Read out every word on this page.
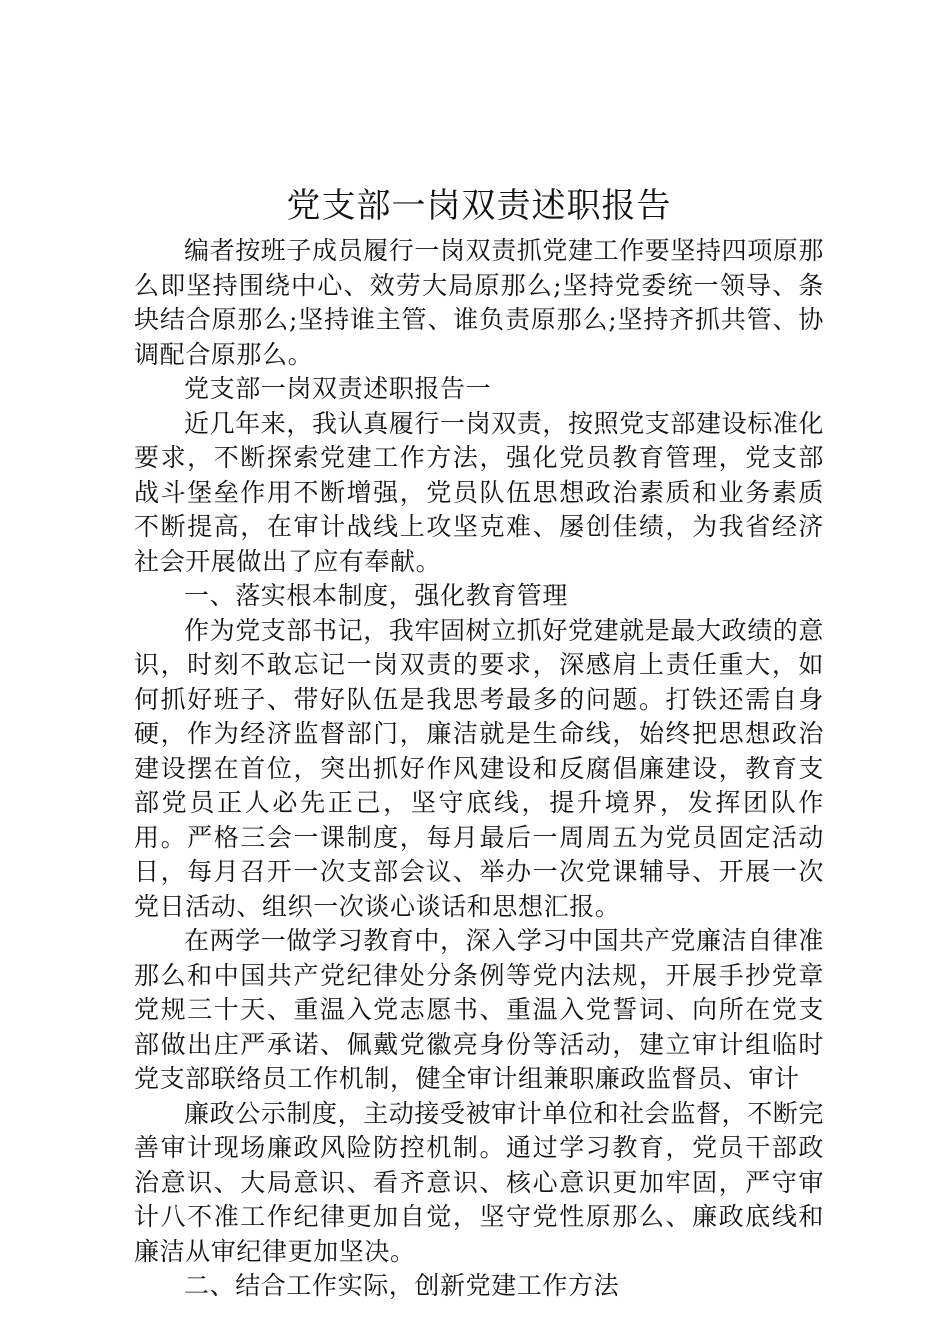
党支部一岗双责述职报告

编者按班子成员履行一岗双责抓党建工作要坚持四项原那么即坚持围绕中心、效劳大局原那么;坚持党委统一领导、条块结合原那么;坚持谁主管、谁负责原那么;坚持齐抓共管、协调配合原那么。

党支部一岗双责述职报告一

近几年来，我认真履行一岗双责，按照党支部建设标准化要求，不断探索党建工作方法，强化党员教育管理，党支部战斗堡垒作用不断增强，党员队伍思想政治素质和业务素质不断提高，在审计战线上攻坚克难、屡创佳绩，为我省经济社会开展做出了应有奉献。

一、落实根本制度，强化教育管理

作为党支部书记，我牢固树立抓好党建就是最大政绩的意识，时刻不敢忘记一岗双责的要求，深感肩上责任重大，如何抓好班子、带好队伍是我思考最多的问题。打铁还需自身硬，作为经济监督部门，廉洁就是生命线，始终把思想政治建设摆在首位，突出抓好作风建设和反腐倡廉建设，教育支部党员正人必先正己，坚守底线，提升境界，发挥团队作用。严格三会一课制度，每月最后一周周五为党员固定活动日，每月召开一次支部会议、举办一次党课辅导、开展一次党日活动、组织一次谈心谈话和思想汇报。

在两学一做学习教育中，深入学习中国共产党廉洁自律准那么和中国共产党纪律处分条例等党内法规，开展手抄党章党规三十天、重温入党志愿书、重温入党誓词、向所在党支部做出庄严承诺、佩戴党徽亮身份等活动，建立审计组临时党支部联络员工作机制，健全审计组兼职廉政监督员、审计

廉政公示制度，主动接受被审计单位和社会监督，不断完善审计现场廉政风险防控机制。通过学习教育，党员干部政治意识、大局意识、看齐意识、核心意识更加牢固，严守审计八不准工作纪律更加自觉，坚守党性原那么、廉政底线和廉洁从审纪律更加坚决。

二、结合工作实际，创新党建工作方法
